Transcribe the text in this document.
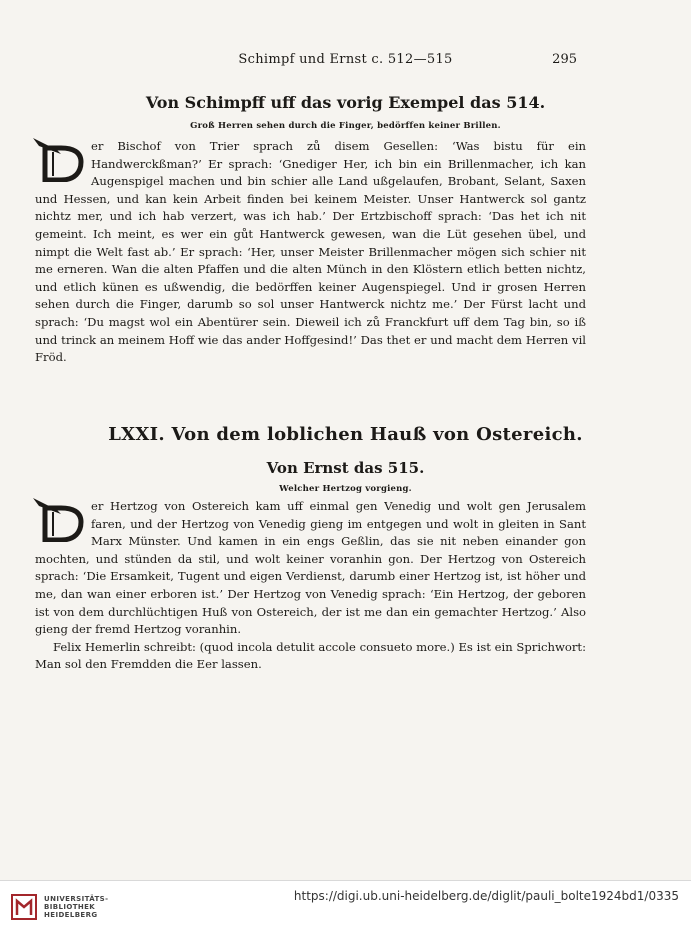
Schimpf und Ernst c. 512—515	295
Von Schimpff uff das vorig Exempel das 514.
Groß Herren sehen durch die Finger, bedörffen keiner Brillen.

er Bischof von Trier sprach zů disem Gesellen: ‘Was bistu für ein Handwerckßman?’ Er sprach: ‘Gnediger Her, ich bin ein Brillenmacher, ich kan Augenspigel machen und bin schier alle Land ußgelaufen, Brobant, Selant, Saxen und Hessen, und kan kein Arbeit finden bei keinem Meister. Unser Hantwerck sol gantz nichtz mer, und ich hab verzert, was ich hab.’ Der Ertzbischoff sprach: ‘Das het ich nit gemeint. Ich meint, es wer ein gůt Hantwerck gewesen, wan die Lüt gesehen übel, und nimpt die Welt fast ab.’ Er sprach: ‘Her, unser Meister Brillenmacher mögen sich schier nit me erneren. Wan die alten Pfaffen und die alten Münch in den Klöstern etlich betten nichtz, und etlich künen es ußwendig, die bedörffen keiner Augenspiegel. Und ir grosen Herren sehen durch die Finger, darumb so sol unser Hantwerck nichtz me.’ Der Fürst lacht und sprach: ‘Du magst wol ein Abentürer sein. Dieweil ich zů Franckfurt uff dem Tag bin, so iß und trinck an meinem Hoff wie das ander Hoffgesind!’ Das thet er und macht dem Herren vil Fröd.

LXXI. Von dem loblichen Hauß von Ostereich.
Von Ernst das 515.
Welcher Hertzog vorgieng.

er Hertzog von Ostereich kam uff einmal gen Venedig und wolt gen Jerusalem faren, und der Hertzog von Venedig gieng im entgegen und wolt in gleiten in Sant Marx Münster. Und kamen in ein engs Geßlin, das sie nit neben einander gon mochten, und stünden da stil, und wolt keiner voranhin gon. Der Hertzog von Ostereich sprach: ‘Die Ersamkeit, Tugent und eigen Verdienst, darumb einer Hertzog ist, ist höher und me, dan wan einer erboren ist.’ Der Hertzog von Venedig sprach: ‘Ein Hertzog, der geboren ist von dem durchlüchtigen Huß von Ostereich, der ist me dan ein gemachter Hertzog.’ Also gieng der fremd Hertzog voranhin.

Felix Hemerlin schreibt: (quod incola detulit accole consueto more.) Es ist ein Sprichwort: Man sol den Fremdden die Eer lassen.

UNIVERSITÄTS-
BIBLIOTHEK
HEIDELBERG
https://digi.ub.uni-heidelberg.de/diglit/pauli_bolte1924bd1/0335
